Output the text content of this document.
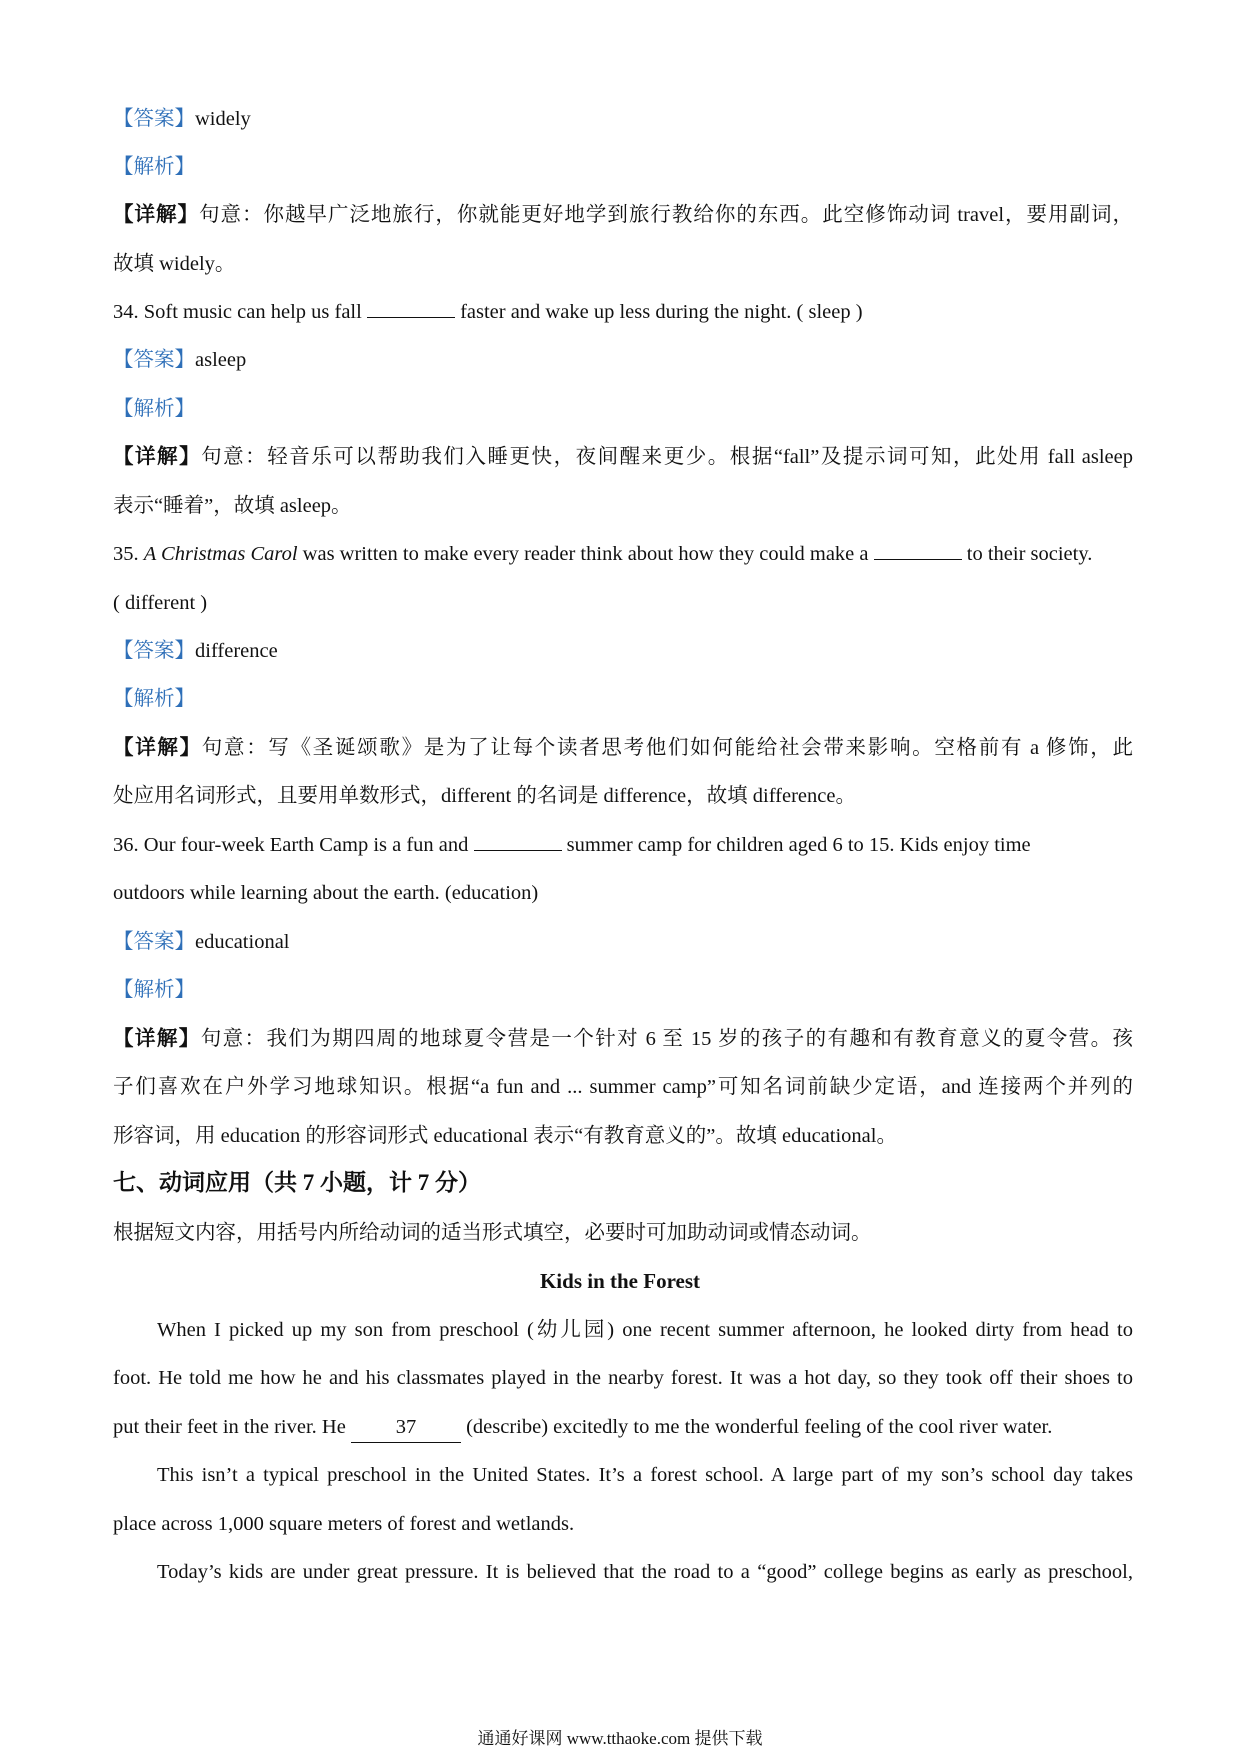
【答案】widely
【解析】
【详解】句意：你越早广泛地旅行，你就能更好地学到旅行教给你的东西。此空修饰动词 travel，要用副词，
故填 widely。
34. Soft music can help us fall	faster and wake up less during the night. ( sleep )
【答案】asleep
【解析】
【详解】句意：轻音乐可以帮助我们入睡更快，夜间醒来更少。根据“fall”及提示词可知，此处用 fall asleep
表示“睡着”，故填 asleep。
35. A Christmas Carol was written to make every reader think about how they could make a	to their society.
( different )
【答案】difference
【解析】
【详解】句意：写《圣诞颂歌》是为了让每个读者思考他们如何能给社会带来影响。空格前有 a 修饰，此
处应用名词形式，且要用单数形式，different 的名词是 difference，故填 difference。
36. Our four-week Earth Camp is a fun and	summer camp for children aged 6 to 15. Kids enjoy time
outdoors while learning about the earth. (education)
【答案】educational
【解析】
【详解】句意：我们为期四周的地球夏令营是一个针对 6 至 15 岁的孩子的有趣和有教育意义的夏令营。孩
子们喜欢在户外学习地球知识。根据“a fun and ... summer camp”可知名词前缺少定语，and 连接两个并列的
形容词，用 education 的形容词形式 educational 表示“有教育意义的”。故填 educational。
七、动词应用（共 7 小题，计 7 分）
根据短文内容，用括号内所给动词的适当形式填空，必要时可加助动词或情态动词。
Kids in the Forest
When I picked up my son from preschool (幼儿园) one recent summer afternoon, he looked dirty from head to
foot. He told me how he and his classmates played in the nearby forest. It was a hot day, so they took off their shoes to
put their feet in the river. He 37 (describe) excitedly to me the wonderful feeling of the cool river water.
This isn’t a typical preschool in the United States. It’s a forest school. A large part of my son’s school day takes
place across 1,000 square meters of forest and wetlands.
Today’s kids are under great pressure. It is believed that the road to a “good” college begins as early as preschool,
通通好课网 www.tthaoke.com 提供下载
